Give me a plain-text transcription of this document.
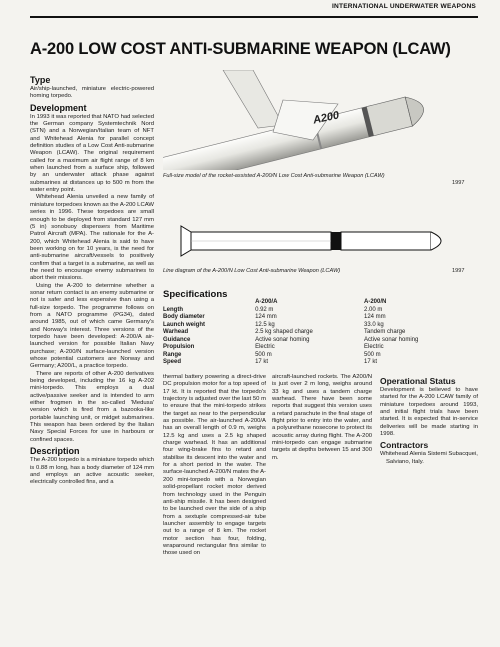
INTERNATIONAL UNDERWATER WEAPONS
A-200 LOW COST ANTI-SUBMARINE WEAPON (LCAW)
Type

Air/ship-launched, miniature electric-powered homing torpedo.

Development

In 1993 it was reported that NATO had selected the German company Systemtechnik Nord (STN) and a Norwegian/Italian team of NFT and Whitehead Alenia for parallel concept definition studies of a Low Cost Anti-submarine Weapon (LCAW). The original requirement called for a maximum air flight range of 8 km when launched from a surface ship, followed by an underwater attack phase against submarines at distances up to 500 m from the water entry point.

Whitehead Alenia unveiled a new family of miniature torpedoes known as the A-200 LCAW series in 1996. These torpedoes are small enough to be deployed from standard 127 mm (5 in) sonobuoy dispensers from Maritime Patrol Aircraft (MPA). The rationale for the A-200, which Whitehead Alenia is said to have been working on for 10 years, is the need for anti-submarine aircraft/vessels to positively confirm that a target is a submarine, as well as the need to encourage enemy submarines to abort their missions.

Using the A-200 to determine whether a sonar return contact is an enemy submarine or not is safer and less expensive than using a full-size torpedo. The programme follows on from a NATO programme (PG34), dated around 1985, out of which came Germany's and Norway's interest. Three versions of the torpedo have been developed: A-200/A air-launched version for possible Italian Navy purchase; A-200/N surface-launched version whose potential customers are Norway and Germany; A200/L, a practice torpedo.

There are reports of other A-200 derivatives being developed, including the 16 kg A-202 mini-torpedo. This employs a dual active/passive seeker and is intended to arm either frogmen in the so-called 'Medusa' version which is fired from a bazooka-like portable launching unit, or midget submarines. This weapon has been ordered by the Italian Navy Special Forces for use in harbours or confined spaces.

Description

The A-200 torpedo is a miniature torpedo which is 0.88 m long, has a body diameter of 124 mm and employs an active acoustic seeker, electrically controlled fins, and a

A200
Full-size model of the rocket-assisted A-200/N Low Cost Anti-submarine Weapon (LCAW)
1997
Line diagram of the A-200/N Low Cost Anti-submarine Weapon (LCAW)	1997
Specifications
A-200/A	A-200/N
Length	0.92 m	2.00 m
Body diameter	124 mm	124 mm
Launch weight	12.5 kg	33.0 kg
Warhead	2.5 kg shaped charge	Tandem charge
Guidance	Active sonar homing	Active sonar homing
Propulsion	Electric	Electric
Range	500 m	500 m
Speed	17 kt	17 kt

thermal battery powering a direct-drive DC propulsion motor for a top speed of 17 kt. It is reported that the torpedo's trajectory is adjusted over the last 50 m to ensure that the mini-torpedo strikes the target as near to the perpendicular as possible. The air-launched A-200/A has an overall length of 0.9 m, weighs 12.5 kg and uses a 2.5 kg shaped charge warhead. It has an additional four wing-brake fins to retard and stabilise its descent into the water and for a short period in the water. The surface-launched A-200/N mates the A-200 mini-torpedo with a Norwegian solid-propellant rocket motor derived from technology used in the Penguin anti-ship missile. It has been designed to be launched over the side of a ship from a sextuple compressed-air tube launcher assembly to engage targets out to a range of 8 km. The rocket motor section has four, folding, wraparound rectangular fins similar to those used on

aircraft-launched rockets. The A200/N is just over 2 m long, weighs around 33 kg and uses a tandem charge warhead. There have been some reports that suggest this version uses a retard parachute in the final stage of flight prior to entry into the water, and a polyurethane nosecone to protect its acoustic array during flight. The A-200 mini-torpedo can engage submarine targets at depths between 15 and 300 m.

Operational Status

Development is believed to have started for the A-200 LCAW family of miniature torpedoes around 1993, and initial flight trials have been started. It is expected that in-service deliveries will be made starting in 1998.

Contractors

Whitehead Alenia Sistemi Subacquei,

Salviano, Italy.
